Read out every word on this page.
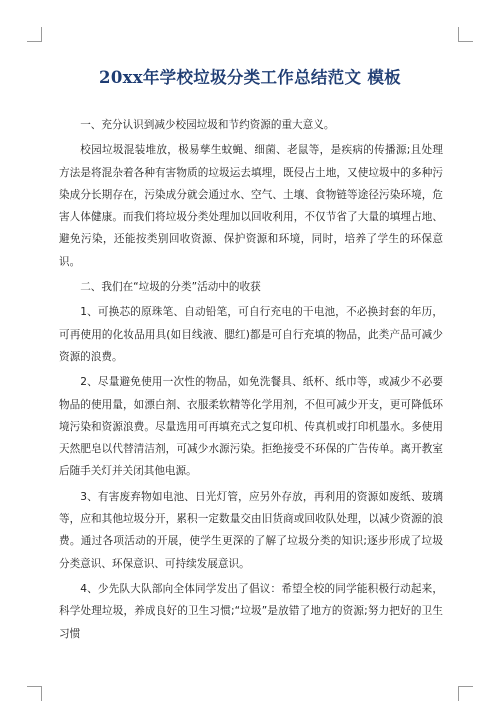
20xx年学校垃圾分类工作总结范文 模板

一、充分认识到减少校园垃圾和节约资源的重大意义。

校园垃圾混装堆放，极易孳生蚊蝇、细菌、老鼠等，是疾病的传播源;且处理方法是将混杂着各种有害物质的垃圾运去填埋，既侵占土地，又使垃圾中的多种污染成分长期存在，污染成分就会通过水、空气、土壤、食物链等途径污染环境，危害人体健康。而我们将垃圾分类处理加以回收利用，不仅节省了大量的填埋占地、避免污染，还能按类别回收资源、保护资源和环境，同时，培养了学生的环保意识。

二、我们在“垃圾的分类”活动中的收获

1、可换芯的原珠笔、自动铅笔，可自行充电的干电池，不必换封套的年历，可再使用的化妆品用具(如目线液、腮红)都是可自行充填的物品，此类产品可减少资源的浪费。

2、尽量避免使用一次性的物品，如免洗餐具、纸杯、纸巾等，或减少不必要物品的使用量，如漂白剂、衣服柔软精等化学用剂，不但可减少开支，更可降低环境污染和资源浪费。尽量选用可再填充式之复印机、传真机或打印机墨水。多使用天然肥皂以代替清洁剂，可减少水源污染。拒绝接受不环保的广告传单。离开教室后随手关灯并关闭其他电源。

3、有害废弃物如电池、日光灯管，应另外存放，再利用的资源如废纸、玻璃等，应和其他垃圾分开，累积一定数量交由旧货商或回收队处理，以减少资源的浪费。通过各项活动的开展，使学生更深的了解了垃圾分类的知识;逐步形成了垃圾分类意识、环保意识、可持续发展意识。

4、少先队大队部向全体同学发出了倡议：希望全校的同学能积极行动起来，科学处理垃圾，养成良好的卫生习惯;“垃圾”是放错了地方的资源;努力把好的卫生习惯
